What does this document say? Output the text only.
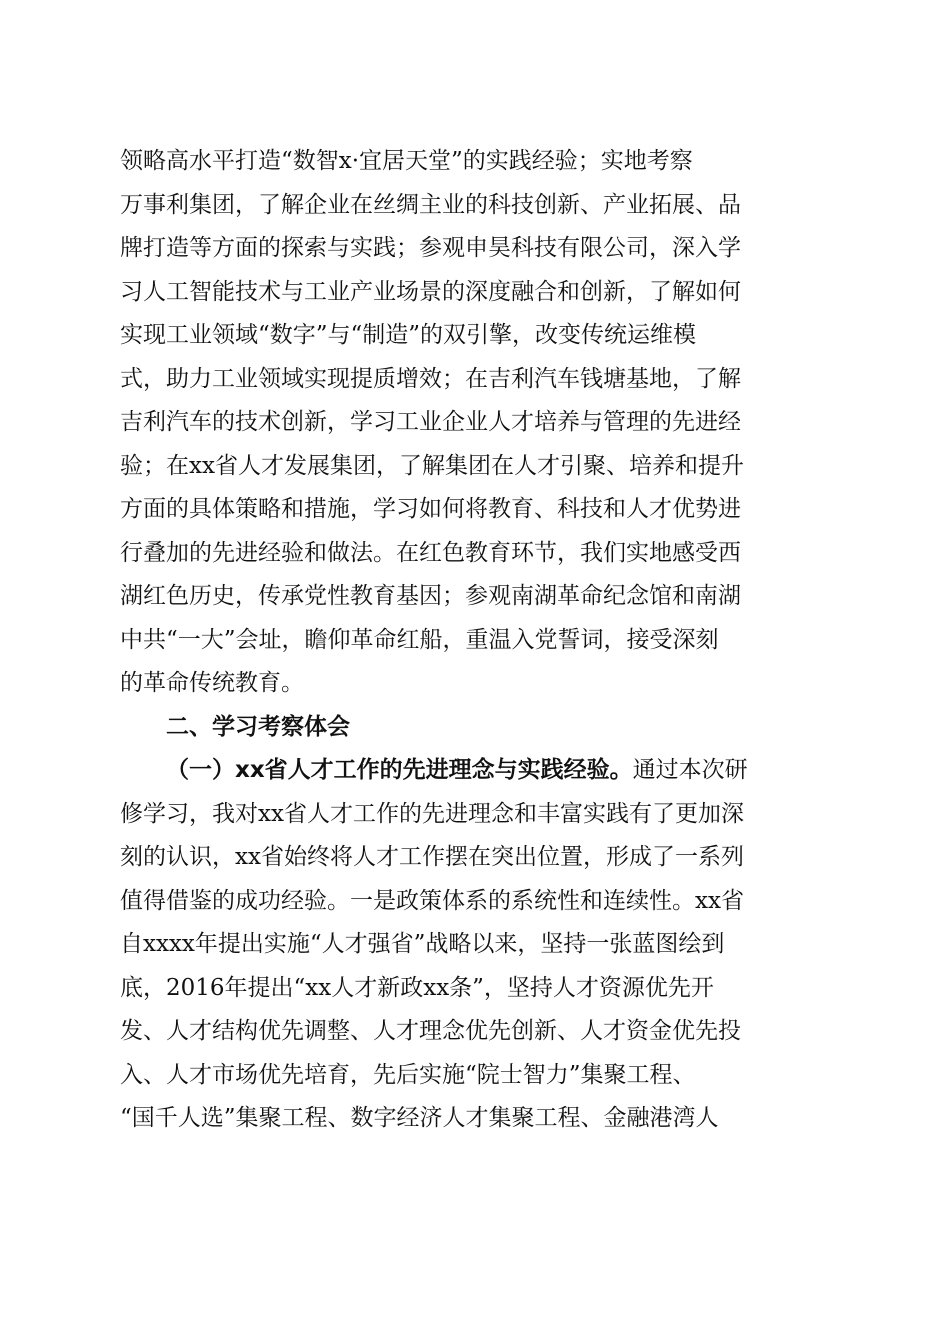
领略高水平打造“数智x·宜居天堂”的实践经验；实地考察
万事利集团，了解企业在丝绸主业的科技创新、产业拓展、品
牌打造等方面的探索与实践；参观申昊科技有限公司，深入学
习人工智能技术与工业产业场景的深度融合和创新，了解如何
实现工业领域“数字”与“制造”的双引擎，改变传统运维模
式，助力工业领域实现提质增效；在吉利汽车钱塘基地，了解
吉利汽车的技术创新，学习工业企业人才培养与管理的先进经
验；在xx省人才发展集团，了解集团在人才引聚、培养和提升
方面的具体策略和措施，学习如何将教育、科技和人才优势进
行叠加的先进经验和做法。在红色教育环节，我们实地感受西
湖红色历史，传承党性教育基因；参观南湖革命纪念馆和南湖
中共“一大”会址，瞻仰革命红船，重温入党誓词，接受深刻
的革命传统教育。
二、学习考察体会
（一）xx省人才工作的先进理念与实践经验。通过本次研
修学习，我对xx省人才工作的先进理念和丰富实践有了更加深
刻的认识，xx省始终将人才工作摆在突出位置，形成了一系列
值得借鉴的成功经验。一是政策体系的系统性和连续性。xx省
自xxxx年提出实施“人才强省”战略以来，坚持一张蓝图绘到
底，2016年提出“xx人才新政xx条”，坚持人才资源优先开
发、人才结构优先调整、人才理念优先创新、人才资金优先投
入、人才市场优先培育，先后实施“院士智力”集聚工程、
“国千人选”集聚工程、数字经济人才集聚工程、金融港湾人
